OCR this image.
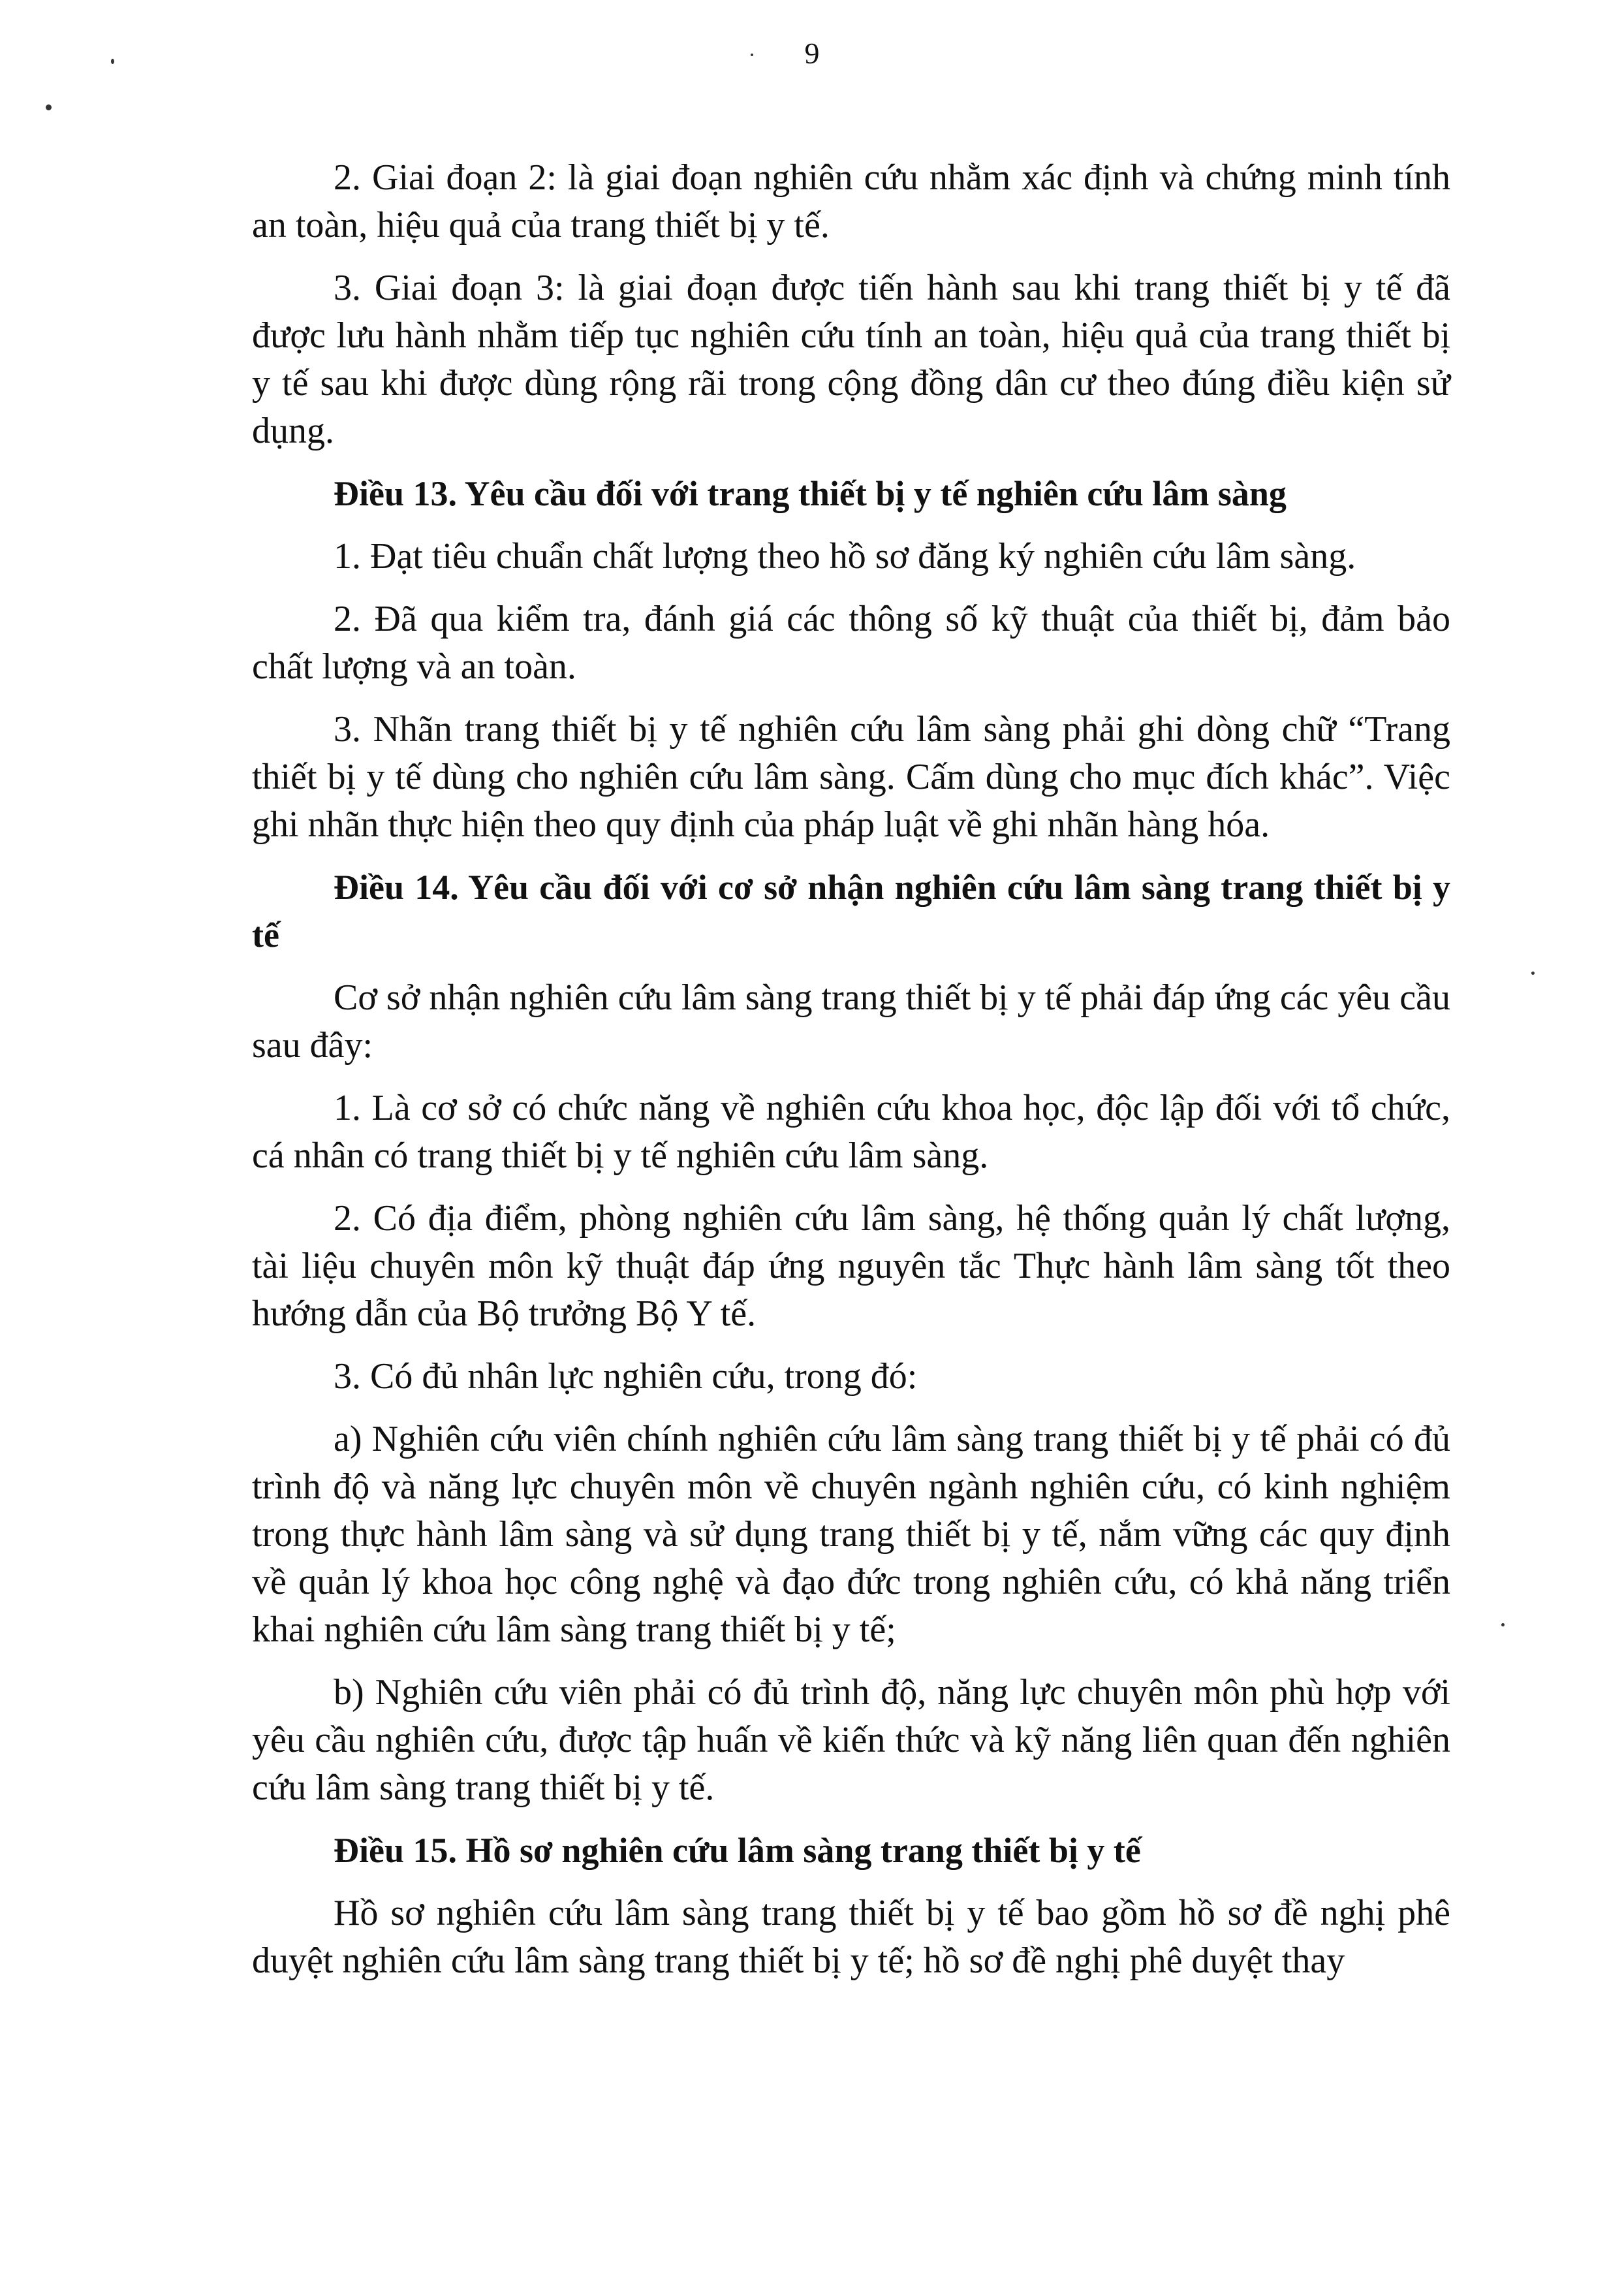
9

2. Giai đoạn 2: là giai đoạn nghiên cứu nhằm xác định và chứng minh tính an toàn, hiệu quả của trang thiết bị y tế.

3. Giai đoạn 3: là giai đoạn được tiến hành sau khi trang thiết bị y tế đã được lưu hành nhằm tiếp tục nghiên cứu tính an toàn, hiệu quả của trang thiết bị y tế sau khi được dùng rộng rãi trong cộng đồng dân cư theo đúng điều kiện sử dụng.

Điều 13. Yêu cầu đối với trang thiết bị y tế nghiên cứu lâm sàng

1. Đạt tiêu chuẩn chất lượng theo hồ sơ đăng ký nghiên cứu lâm sàng.

2. Đã qua kiểm tra, đánh giá các thông số kỹ thuật của thiết bị, đảm bảo chất lượng và an toàn.

3. Nhãn trang thiết bị y tế nghiên cứu lâm sàng phải ghi dòng chữ “Trang thiết bị y tế dùng cho nghiên cứu lâm sàng. Cấm dùng cho mục đích khác”. Việc ghi nhãn thực hiện theo quy định của pháp luật về ghi nhãn hàng hóa.

Điều 14. Yêu cầu đối với cơ sở nhận nghiên cứu lâm sàng trang thiết bị y tế

Cơ sở nhận nghiên cứu lâm sàng trang thiết bị y tế phải đáp ứng các yêu cầu sau đây:

1. Là cơ sở có chức năng về nghiên cứu khoa học, độc lập đối với tổ chức, cá nhân có trang thiết bị y tế nghiên cứu lâm sàng.

2. Có địa điểm, phòng nghiên cứu lâm sàng, hệ thống quản lý chất lượng, tài liệu chuyên môn kỹ thuật đáp ứng nguyên tắc Thực hành lâm sàng tốt theo hướng dẫn của Bộ trưởng Bộ Y tế.

3. Có đủ nhân lực nghiên cứu, trong đó:

a) Nghiên cứu viên chính nghiên cứu lâm sàng trang thiết bị y tế phải có đủ trình độ và năng lực chuyên môn về chuyên ngành nghiên cứu, có kinh nghiệm trong thực hành lâm sàng và sử dụng trang thiết bị y tế, nắm vững các quy định về quản lý khoa học công nghệ và đạo đức trong nghiên cứu, có khả năng triển khai nghiên cứu lâm sàng trang thiết bị y tế;

b) Nghiên cứu viên phải có đủ trình độ, năng lực chuyên môn phù hợp với yêu cầu nghiên cứu, được tập huấn về kiến thức và kỹ năng liên quan đến nghiên cứu lâm sàng trang thiết bị y tế.

Điều 15. Hồ sơ nghiên cứu lâm sàng trang thiết bị y tế

Hồ sơ nghiên cứu lâm sàng trang thiết bị y tế bao gồm hồ sơ đề nghị phê duyệt nghiên cứu lâm sàng trang thiết bị y tế; hồ sơ đề nghị phê duyệt thay
